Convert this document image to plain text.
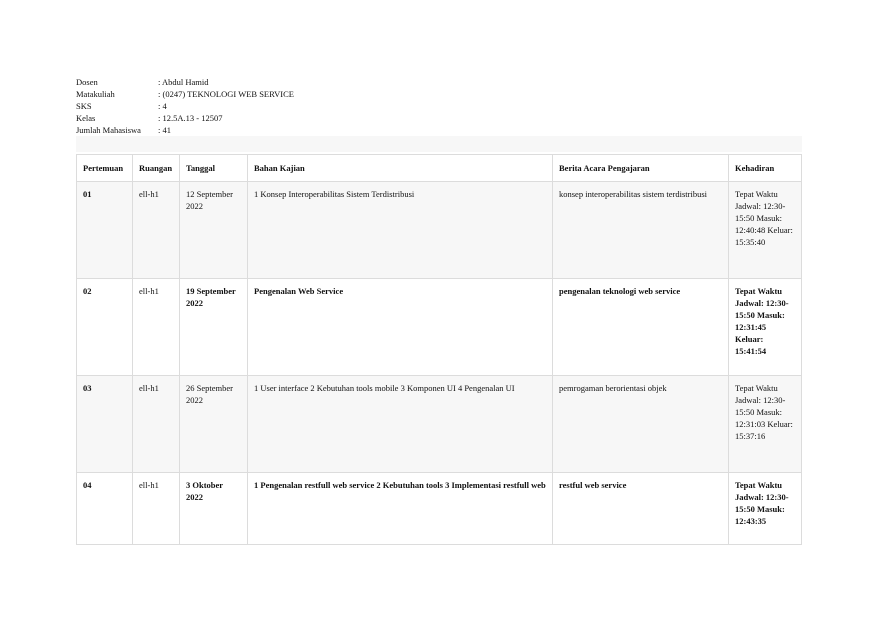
Dosen	: Abdul Hamid
Matakuliah	: (0247) TEKNOLOGI WEB SERVICE
SKS	: 4
Kelas	: 12.5A.13 - 12507
Jumlah Mahasiswa	: 41
Pertemuan	Ruangan	Tanggal	Bahan Kajian	Berita Acara Pengajaran	Kehadiran
01	ell-h1	12 September 2022	1 Konsep Interoperabilitas Sistem Terdistribusi	konsep interoperabilitas sistem terdistribusi	Tepat Waktu Jadwal: 12:30-15:50 Masuk: 12:40:48 Keluar: 15:35:40
02	ell-h1	19 September 2022	Pengenalan Web Service	pengenalan teknologi web service	Tepat Waktu Jadwal: 12:30-15:50 Masuk: 12:31:45 Keluar: 15:41:54
03	ell-h1	26 September 2022	1 User interface 2 Kebutuhan tools mobile 3 Komponen UI 4 Pengenalan UI	pemrogaman berorientasi objek	Tepat Waktu Jadwal: 12:30-15:50 Masuk: 12:31:03 Keluar: 15:37:16
04	ell-h1	3 Oktober 2022	1 Pengenalan restfull web service 2 Kebutuhan tools 3 Implementasi restfull web	restful web service	Tepat Waktu Jadwal: 12:30-15:50 Masuk: 12:43:35
